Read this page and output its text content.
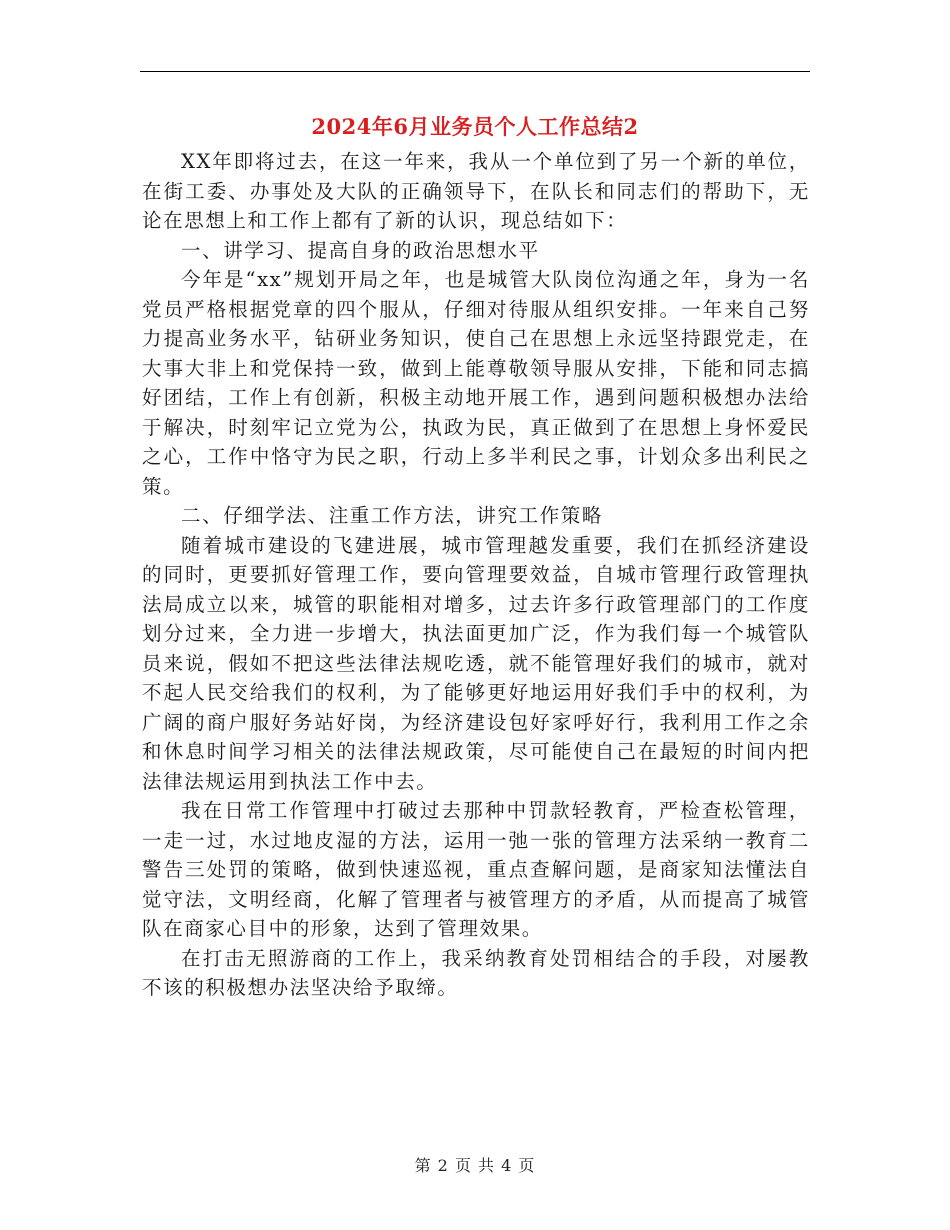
2024年6月业务员个人工作总结2

XX年即将过去，在这一年来，我从一个单位到了另一个新的单位，在街工委、办事处及大队的正确领导下，在队长和同志们的帮助下，无论在思想上和工作上都有了新的认识，现总结如下：

一、讲学习、提高自身的政治思想水平

今年是“xx”规划开局之年，也是城管大队岗位沟通之年，身为一名党员严格根据党章的四个服从，仔细对待服从组织安排。一年来自己努力提高业务水平，钻研业务知识，使自己在思想上永远坚持跟党走，在大事大非上和党保持一致，做到上能尊敬领导服从安排，下能和同志搞好团结，工作上有创新，积极主动地开展工作，遇到问题积极想办法给于解决，时刻牢记立党为公，执政为民，真正做到了在思想上身怀爱民之心，工作中恪守为民之职，行动上多半利民之事，计划众多出利民之策。

二、仔细学法、注重工作方法，讲究工作策略

随着城市建设的飞建进展，城市管理越发重要，我们在抓经济建设的同时，更要抓好管理工作，要向管理要效益，自城市管理行政管理执法局成立以来，城管的职能相对增多，过去许多行政管理部门的工作度划分过来，全力进一步增大，执法面更加广泛，作为我们每一个城管队员来说，假如不把这些法律法规吃透，就不能管理好我们的城市，就对不起人民交给我们的权利，为了能够更好地运用好我们手中的权利，为广阔的商户服好务站好岗，为经济建设包好家呼好行，我利用工作之余和休息时间学习相关的法律法规政策，尽可能使自己在最短的时间内把法律法规运用到执法工作中去。

我在日常工作管理中打破过去那种中罚款轻教育，严检查松管理，一走一过，水过地皮湿的方法，运用一弛一张的管理方法采纳一教育二警告三处罚的策略，做到快速巡视，重点查解问题，是商家知法懂法自觉守法，文明经商，化解了管理者与被管理方的矛盾，从而提高了城管队在商家心目中的形象，达到了管理效果。

在打击无照游商的工作上，我采纳教育处罚相结合的手段，对屡教不该的积极想办法坚决给予取缔。

第 2 页 共 4 页
